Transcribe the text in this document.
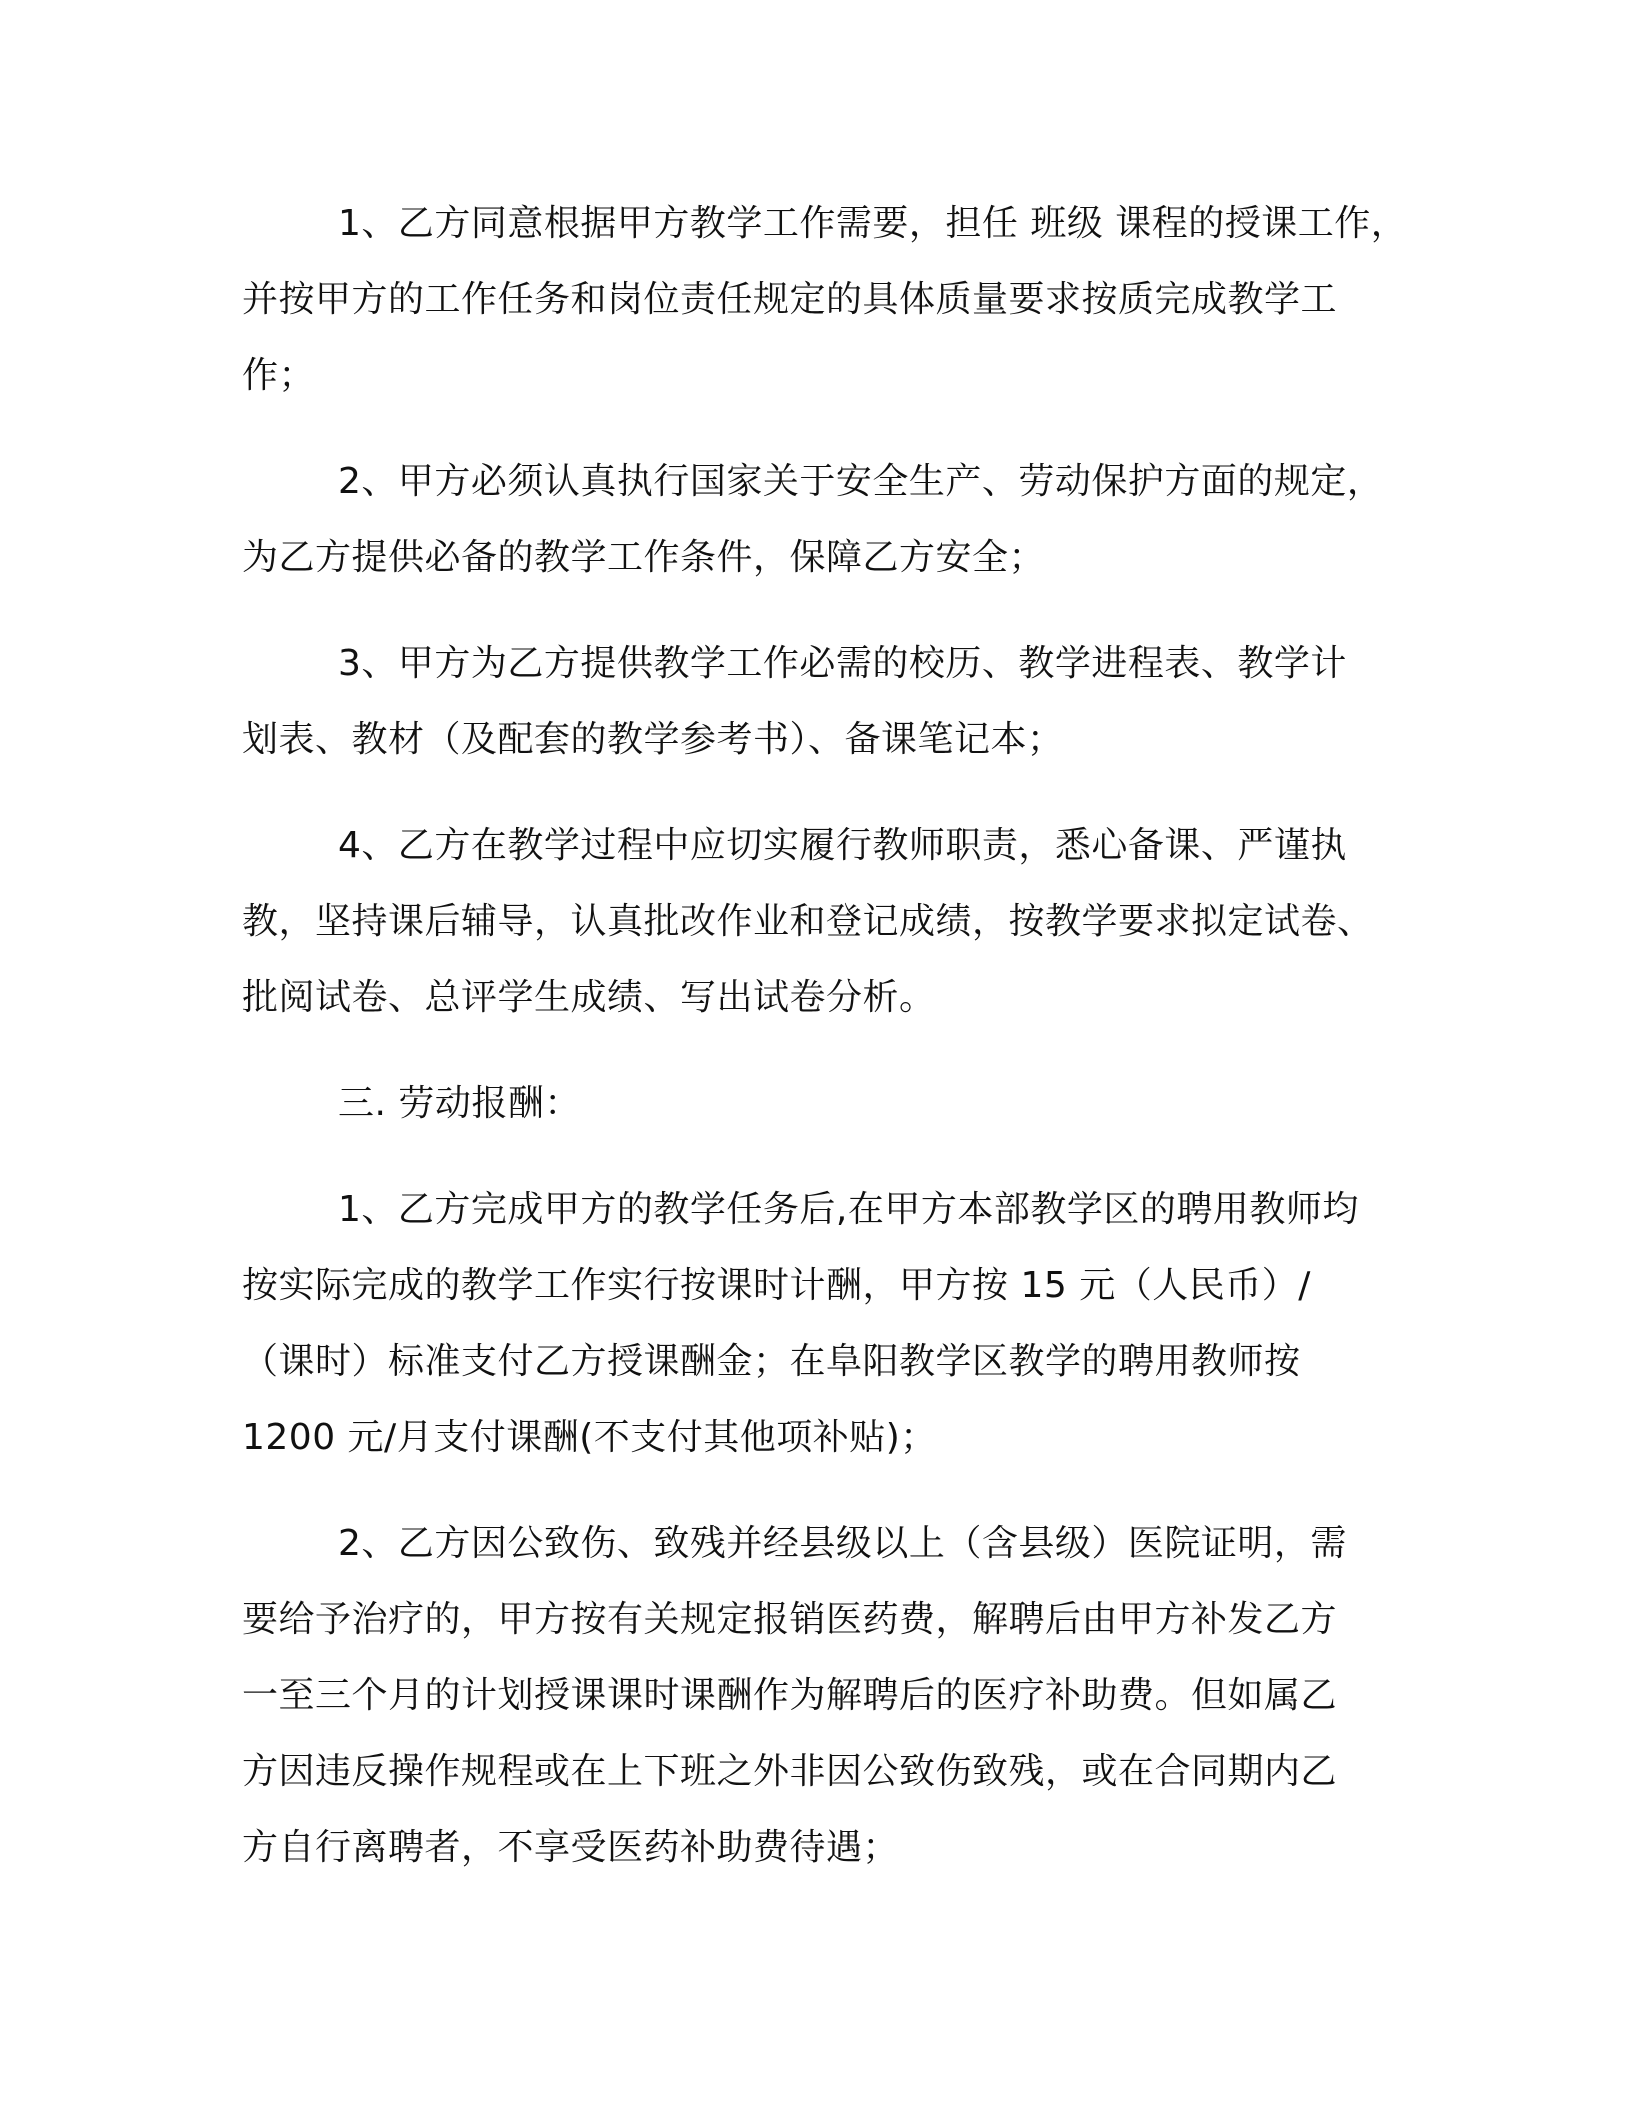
1、乙方同意根据甲方教学工作需要，担任 班级 课程的授课工作，
并按甲方的工作任务和岗位责任规定的具体质量要求按质完成教学工
作；
2、甲方必须认真执行国家关于安全生产、劳动保护方面的规定，
为乙方提供必备的教学工作条件，保障乙方安全；
3、甲方为乙方提供教学工作必需的校历、教学进程表、教学计
划表、教材（及配套的教学参考书）、备课笔记本；
4、乙方在教学过程中应切实履行教师职责，悉心备课、严谨执
教，坚持课后辅导，认真批改作业和登记成绩，按教学要求拟定试卷、
批阅试卷、总评学生成绩、写出试卷分析。
三. 劳动报酬：
1、乙方完成甲方的教学任务后,在甲方本部教学区的聘用教师均
按实际完成的教学工作实行按课时计酬，甲方按 15 元（人民币）/
（课时）标准支付乙方授课酬金；在阜阳教学区教学的聘用教师按
1200 元/月支付课酬(不支付其他项补贴)；
2、乙方因公致伤、致残并经县级以上（含县级）医院证明，需
要给予治疗的，甲方按有关规定报销医药费，解聘后由甲方补发乙方
一至三个月的计划授课课时课酬作为解聘后的医疗补助费。但如属乙
方因违反操作规程或在上下班之外非因公致伤致残，或在合同期内乙
方自行离聘者，不享受医药补助费待遇；
